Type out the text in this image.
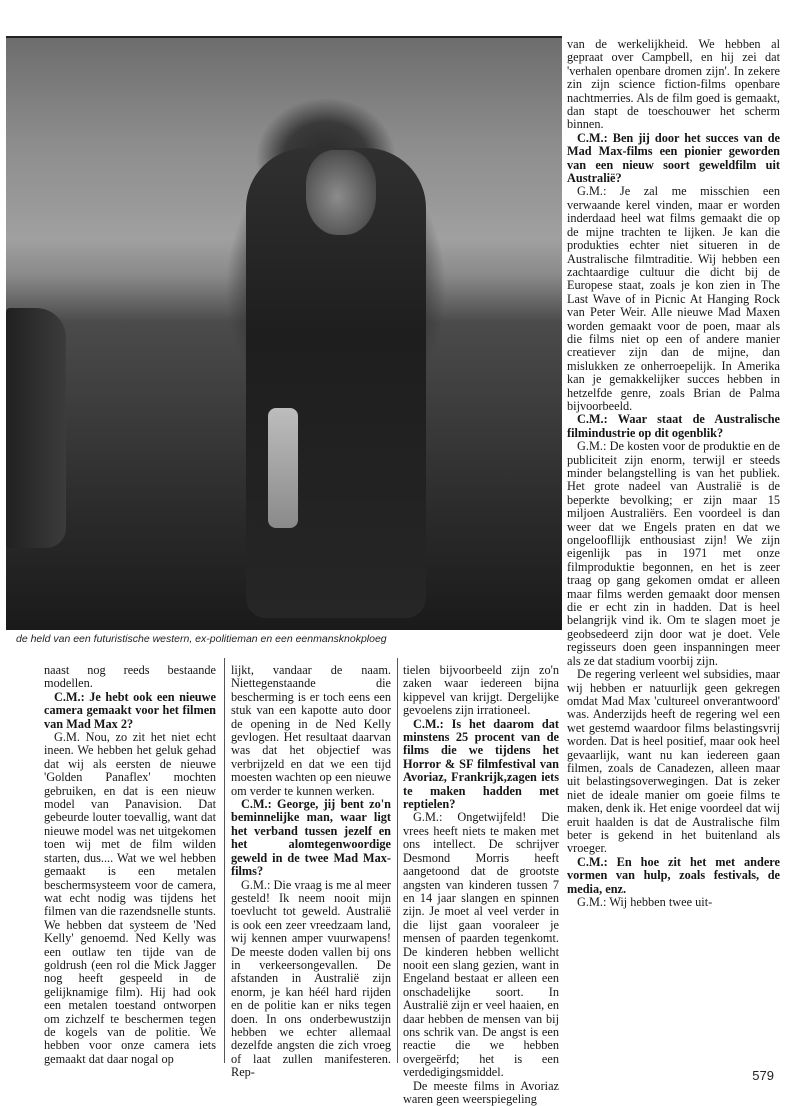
de held van een futuristische western, ex-politieman en een eenmansknokploeg

van de werkelijkheid. We hebben al gepraat over Campbell, en hij zei dat 'verhalen openbare dromen zijn'. In zekere zin zijn science fiction-films openbare nachtmerries. Als de film goed is gemaakt, dan stapt de toeschouwer het scherm binnen.

C.M.: Ben jij door het succes van de Mad Max-films een pionier geworden van een nieuw soort geweldfilm uit Australië?

G.M.: Je zal me misschien een verwaande kerel vinden, maar er worden inderdaad heel wat films gemaakt die op de mijne trachten te lijken. Je kan die produkties echter niet situeren in de Australische filmtraditie. Wij hebben een zachtaardige cultuur die dicht bij de Europese staat, zoals je kon zien in The Last Wave of in Picnic At Hanging Rock van Peter Weir. Alle nieuwe Mad Maxen worden gemaakt voor de poen, maar als die films niet op een of andere manier creatiever zijn dan de mijne, dan mislukken ze onherroepelijk. In Amerika kan je gemakkelijker succes hebben in hetzelfde genre, zoals Brian de Palma bijvoorbeeld.

C.M.: Waar staat de Australische filmindustrie op dit ogenblik?

G.M.: De kosten voor de produktie en de publiciteit zijn enorm, terwijl er steeds minder belangstelling is van het publiek. Het grote nadeel van Australië is de beperkte bevolking; er zijn maar 15 miljoen Australiërs. Een voordeel is dan weer dat we Engels praten en dat we ongeloofllijk enthousiast zijn! We zijn eigenlijk pas in 1971 met onze filmproduktie begonnen, en het is zeer traag op gang gekomen omdat er alleen maar films werden gemaakt door mensen die er echt zin in hadden. Dat is heel belangrijk vind ik. Om te slagen moet je geobsedeerd zijn door wat je doet. Vele regisseurs doen geen inspanningen meer als ze dat stadium voorbij zijn.

De regering verleent wel subsidies, maar wij hebben er natuurlijk geen gekregen omdat Mad Max 'cultureel onverantwoord' was. Anderzijds heeft de regering wel een wet gestemd waardoor films belastingsvrij worden. Dat is heel positief, maar ook heel gevaarlijk, want nu kan iedereen gaan filmen, zoals de Canadezen, alleen maar uit belastingsoverwegingen. Dat is zeker niet de ideale manier om goeie films te maken, denk ik. Het enige voordeel dat wij eruit haalden is dat de Australische film beter is gekend in het buitenland als vroeger.

C.M.: En hoe zit het met andere vormen van hulp, zoals festivals, de media, enz.

G.M.: Wij hebben twee uit-

naast nog reeds bestaande modellen.

C.M.: Je hebt ook een nieuwe camera gemaakt voor het filmen van Mad Max 2?

G.M. Nou, zo zit het niet echt ineen. We hebben het geluk gehad dat wij als eersten de nieuwe 'Golden Panaflex' mochten gebruiken, en dat is een nieuw model van Panavision. Dat gebeurde louter toevallig, want dat nieuwe model was net uitgekomen toen wij met de film wilden starten, dus.... Wat we wel hebben gemaakt is een metalen beschermsysteem voor de camera, wat echt nodig was tijdens het filmen van die razendsnelle stunts. We hebben dat systeem de 'Ned Kelly' genoemd. Ned Kelly was een outlaw ten tijde van de goldrush (een rol die Mick Jagger nog heeft gespeeld in de gelijknamige film). Hij had ook een metalen toestand ontworpen om zichzelf te beschermen tegen de kogels van de politie. We hebben voor onze camera iets gemaakt dat daar nogal op

lijkt, vandaar de naam. Niettegenstaande die bescherming is er toch eens een stuk van een kapotte auto door de opening in de Ned Kelly gevlogen. Het resultaat daarvan was dat het objectief was verbrijzeld en dat we een tijd moesten wachten op een nieuwe om verder te kunnen werken.

C.M.: George, jij bent zo'n beminnelijke man, waar ligt het verband tussen jezelf en het alomtegenwoordige geweld in de twee Mad Max-films?

G.M.: Die vraag is me al meer gesteld! Ik neem nooit mijn toevlucht tot geweld. Australië is ook een zeer vreedzaam land, wij kennen amper vuurwapens! De meeste doden vallen bij ons in verkeersongevallen. De afstanden in Australië zijn enorm, je kan héél hard rijden en de politie kan er niks tegen doen. In ons onderbewustzijn hebben we echter allemaal dezelfde angsten die zich vroeg of laat zullen manifesteren. Rep-

tielen bijvoorbeeld zijn zo'n zaken waar iedereen bijna kippevel van krijgt. Dergelijke gevoelens zijn irrationeel.

C.M.: Is het daarom dat minstens 25 procent van de films die we tijdens het Horror & SF filmfestival van Avoriaz, Frankrijk,zagen iets te maken hadden met reptielen?

G.M.: Ongetwijfeld! Die vrees heeft niets te maken met ons intellect. De schrijver Desmond Morris heeft aangetoond dat de grootste angsten van kinderen tussen 7 en 14 jaar slangen en spinnen zijn. Je moet al veel verder in die lijst gaan vooraleer je mensen of paarden tegenkomt. De kinderen hebben wellicht nooit een slang gezien, want in Engeland bestaat er alleen een onschadelijke soort. In Australië zijn er veel haaien, en daar hebben de mensen van bij ons schrik van. De angst is een reactie die we hebben overgeërfd; het is een verdedigingsmiddel.

De meeste films in Avoriaz waren geen weerspiegeling

579
